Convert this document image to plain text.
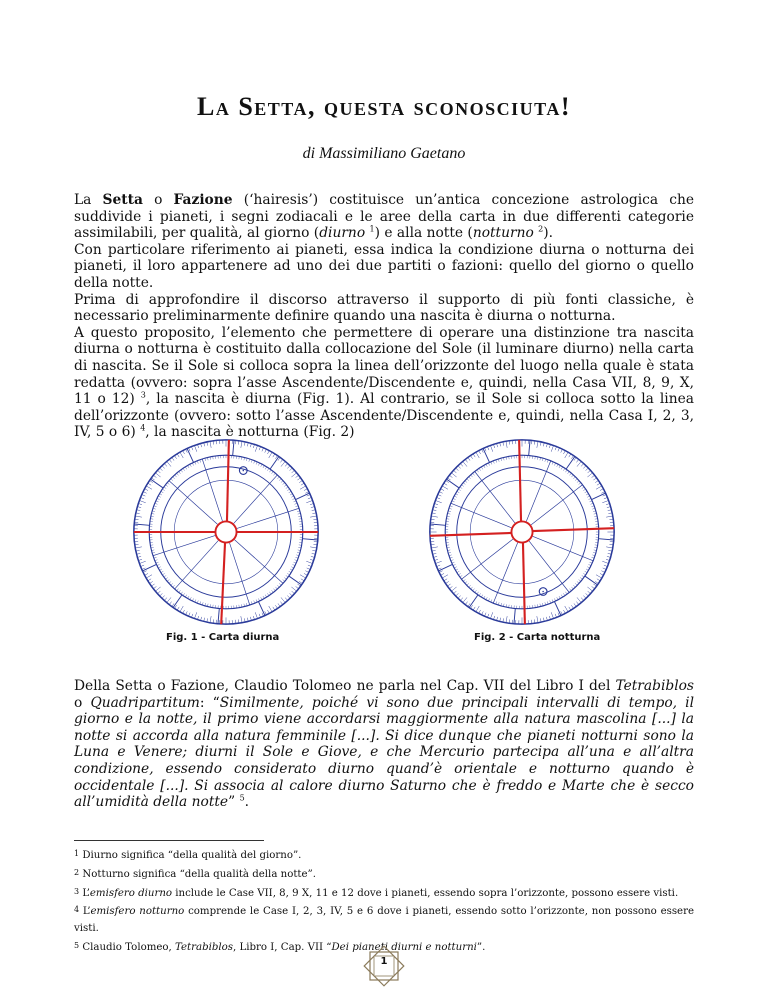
La Setta, questa sconosciuta!
di Massimiliano Gaetano

La Setta o Fazione (‘hairesis’) costituisce un’antica concezione astrologica che suddivide i pianeti, i segni zodiacali e le aree della carta in due differenti categorie assimilabili, per qualità, al giorno (diurno $^1$) e alla notte (notturno $^2$).

Con particolare riferimento ai pianeti, essa indica la condizione diurna o notturna dei pianeti, il loro appartenere ad uno dei due partiti o fazioni: quello del giorno o quello della notte.

Prima di approfondire il discorso attraverso il supporto di più fonti classiche, è necessario preliminarmente definire quando una nascita è diurna o notturna.

A questo proposito, l’elemento che permettere di operare una distinzione tra nascita diurna o notturna è costituito dalla collocazione del Sole (il luminare diurno) nella carta di nascita. Se il Sole si colloca sopra la linea dell’orizzonte del luogo nella quale è stata redatta (ovvero: sopra l’asse Ascendente/Discendente e, quindi, nella Casa VII, 8, 9, X, 11 o 12) $^3$, la nascita è diurna (Fig. 1). Al contrario, se il Sole si colloca sotto la linea dell’orizzonte (ovvero: sotto l’asse Ascendente/Discendente e, quindi, nella Casa I, 2, 3, IV, 5 o 6) $^4$, la nascita è notturna (Fig. 2)

Fig. 1 - Carta diurna	Fig. 2 - Carta notturna

Della Setta o Fazione, Claudio Tolomeo ne parla nel Cap. VII del Libro I del Tetrabiblos o Quadripartitum: “Similmente, poiché vi sono due principali intervalli di tempo, il giorno e la notte, il primo viene accordarsi maggiormente alla natura mascolina [...] la notte si accorda alla natura femminile [...]. Si dice dunque che pianeti notturni sono la Luna e Venere; diurni il Sole e Giove, e che Mercurio partecipa all’una e all’altra condizione, essendo considerato diurno quand’è orientale e notturno quando è occidentale [...]. Si associa al calore diurno Saturno che è freddo e Marte che è secco all’umidità della notte” $^5$.

1 Diurno significa “della qualità del giorno”.

2 Notturno significa “della qualità della notte”.

3 L’emisfero diurno include le Case VII, 8, 9 X, 11 e 12 dove i pianeti, essendo sopra l’orizzonte, possono essere visti.

4 L’emisfero notturno comprende le Case I, 2, 3, IV, 5 e 6 dove i pianeti, essendo sotto l’orizzonte, non possono essere visti.

5 Claudio Tolomeo, Tetrabiblos, Libro I, Cap. VII “Dei pianeti diurni e notturni”.

1
